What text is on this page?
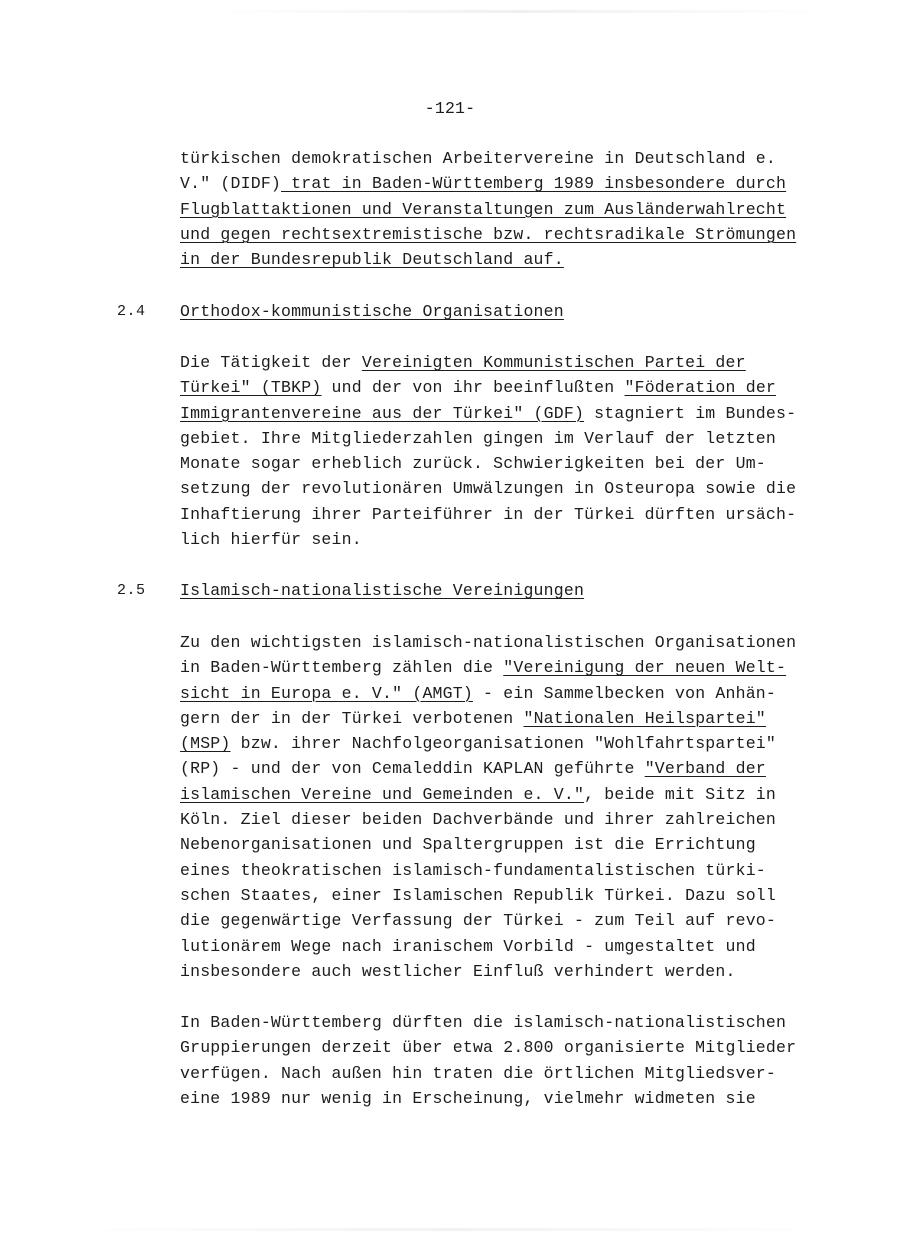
-121-
türkischen demokratischen Arbeitervereine in Deutschland e.
V." (DIDF) trat in Baden-Württemberg 1989 insbesondere durch
Flugblattaktionen und Veranstaltungen zum Ausländerwahlrecht
und gegen rechtsextremistische bzw. rechtsradikale Strömungen
in der Bundesrepublik Deutschland auf.
2.4 Orthodox-kommunistische Organisationen
Die Tätigkeit der Vereinigten Kommunistischen Partei der
Türkei" (TBKP) und der von ihr beeinflußten "Föderation der
Immigrantenvereine aus der Türkei" (GDF) stagniert im Bundes-
gebiet. Ihre Mitgliederzahlen gingen im Verlauf der letzten
Monate sogar erheblich zurück. Schwierigkeiten bei der Um-
setzung der revolutionären Umwälzungen in Osteuropa sowie die
Inhaftierung ihrer Parteiführer in der Türkei dürften ursäch-
lich hierfür sein.
2.5 Islamisch-nationalistische Vereinigungen
Zu den wichtigsten islamisch-nationalistischen Organisationen
in Baden-Württemberg zählen die "Vereinigung der neuen Welt-
sicht in Europa e. V." (AMGT) - ein Sammelbecken von Anhän-
gern der in der Türkei verbotenen "Nationalen Heilspartei"
(MSP) bzw. ihrer Nachfolgeorganisationen "Wohlfahrtspartei"
(RP) - und der von Cemaleddin KAPLAN geführte "Verband der
islamischen Vereine und Gemeinden e. V.", beide mit Sitz in
Köln. Ziel dieser beiden Dachverbände und ihrer zahlreichen
Nebenorganisationen und Spaltergruppen ist die Errichtung
eines theokratischen islamisch-fundamentalistischen türki-
schen Staates, einer Islamischen Republik Türkei. Dazu soll
die gegenwärtige Verfassung der Türkei - zum Teil auf revo-
lutionärem Wege nach iranischem Vorbild - umgestaltet und
insbesondere auch westlicher Einfluß verhindert werden.
In Baden-Württemberg dürften die islamisch-nationalistischen
Gruppierungen derzeit über etwa 2.800 organisierte Mitglieder
verfügen. Nach außen hin traten die örtlichen Mitgliedsver-
eine 1989 nur wenig in Erscheinung, vielmehr widmeten sie
